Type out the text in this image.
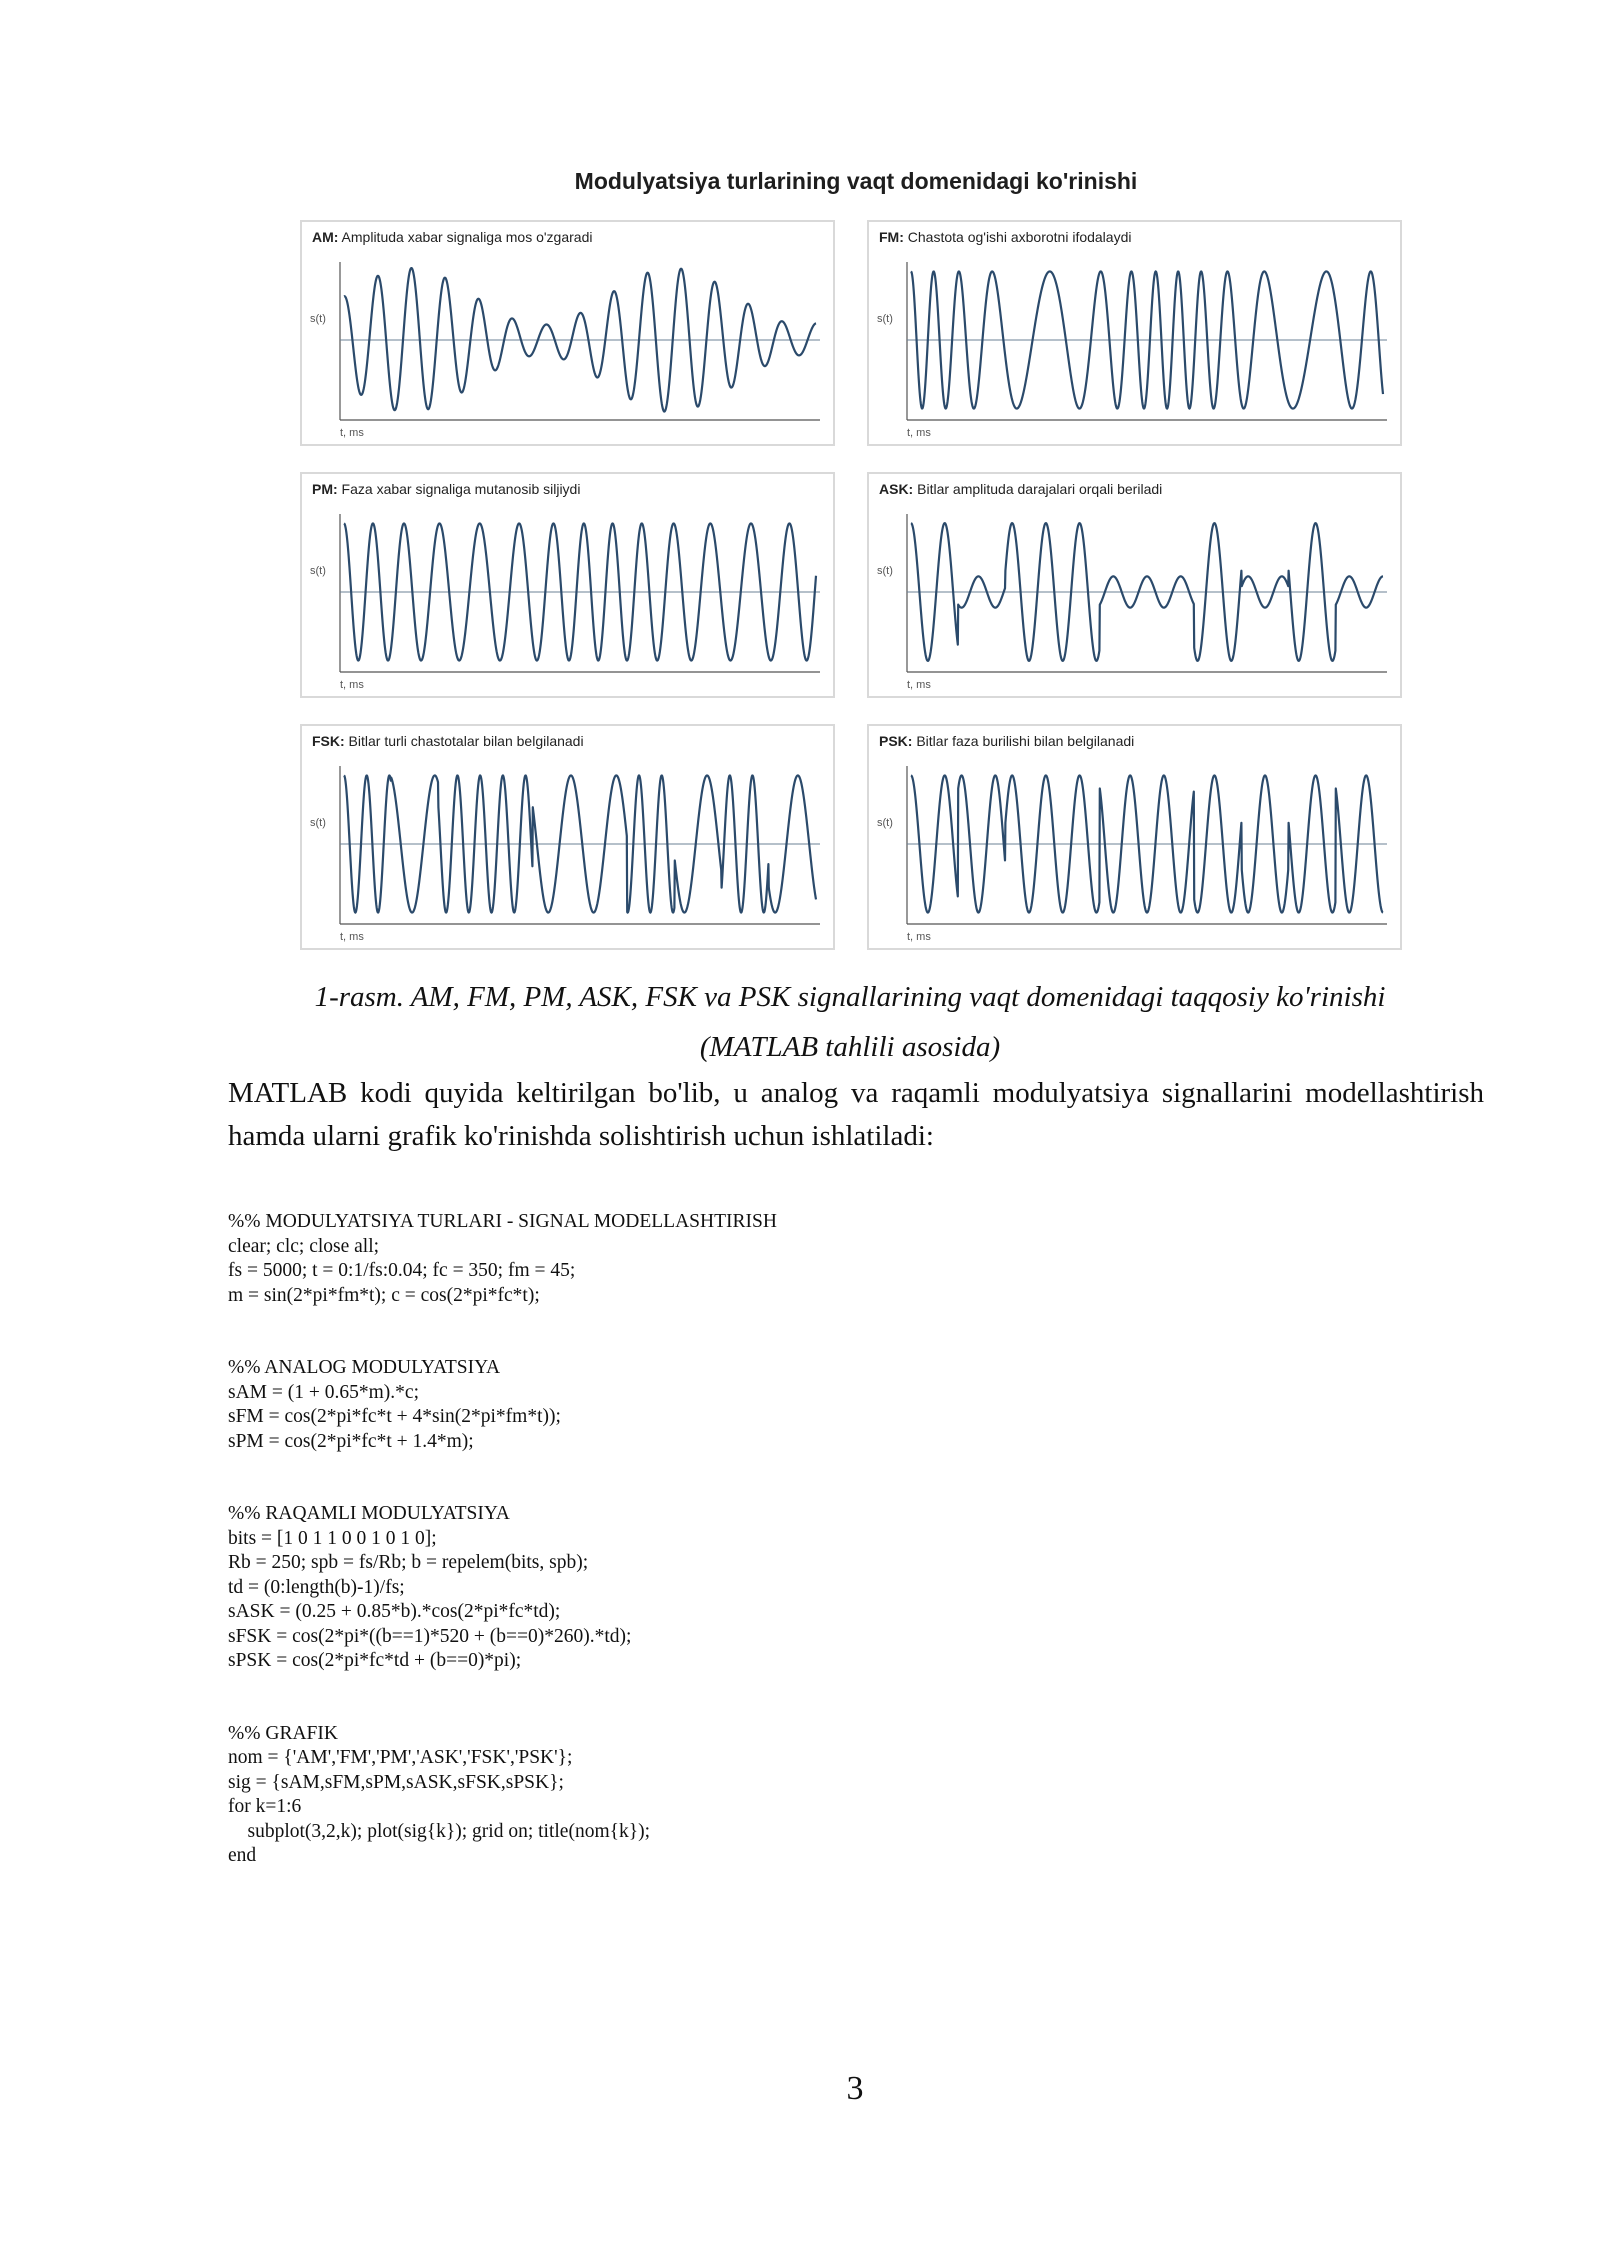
Modulyatsiya turlarining vaqt domenidagi ko'rinishi
s(t)
t, ms
AM: Amplituda xabar signaliga mos o'zgaradi
s(t)
t, ms
FM: Chastota og'ishi axborotni ifodalaydi
s(t)
t, ms
PM: Faza xabar signaliga mutanosib siljiydi
s(t)
t, ms
ASK: Bitlar amplituda darajalari orqali beriladi
s(t)
t, ms
FSK: Bitlar turli chastotalar bilan belgilanadi
s(t)
t, ms
PSK: Bitlar faza burilishi bilan belgilanadi
1-rasm. AM, FM, PM, ASK, FSK va PSK signallarining vaqt domenidagi taqqosiy ko'rinishi
(MATLAB tahlili asosida)
MATLAB kodi quyida keltirilgan bo'lib, u analog va raqamli modulyatsiya signallarini modellashtirish hamda ularni grafik ko'rinishda solishtirish uchun ishlatiladi:
%% MODULYATSIYA TURLARI - SIGNAL MODELLASHTIRISH
clear; clc; close all;
fs = 5000; t = 0:1/fs:0.04; fc = 350; fm = 45;
m = sin(2*pi*fm*t); c = cos(2*pi*fc*t);
%% ANALOG MODULYATSIYA
sAM = (1 + 0.65*m).*c;
sFM = cos(2*pi*fc*t + 4*sin(2*pi*fm*t));
sPM = cos(2*pi*fc*t + 1.4*m);
%% RAQAMLI MODULYATSIYA
bits = [1 0 1 1 0 0 1 0 1 0];
Rb = 250; spb = fs/Rb; b = repelem(bits, spb);
td = (0:length(b)-1)/fs;
sASK = (0.25 + 0.85*b).*cos(2*pi*fc*td);
sFSK = cos(2*pi*((b==1)*520 + (b==0)*260).*td);
sPSK = cos(2*pi*fc*td + (b==0)*pi);
%% GRAFIK
nom = {'AM','FM','PM','ASK','FSK','PSK'};
sig = {sAM,sFM,sPM,sASK,sFSK,sPSK};
for k=1:6
subplot(3,2,k); plot(sig{k}); grid on; title(nom{k});
end
3
